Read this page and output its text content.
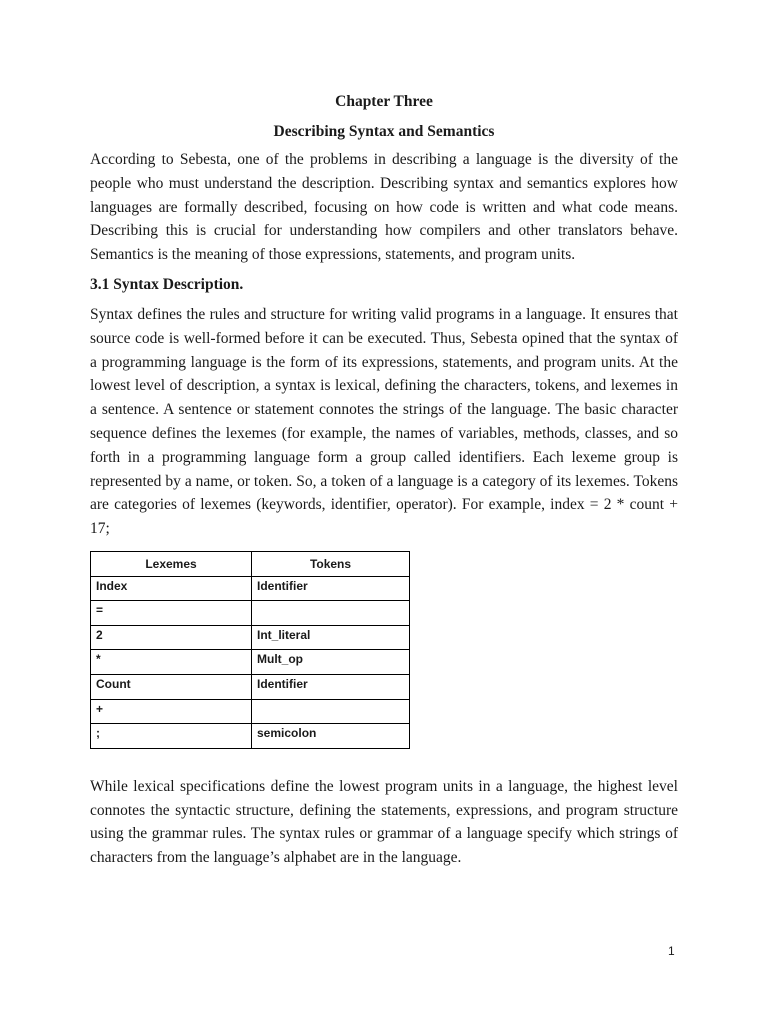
Chapter Three
Describing Syntax and Semantics

According to Sebesta, one of the problems in describing a language is the diversity of the people who must understand the description. Describing syntax and semantics explores how languages are formally described, focusing on how code is written and what code means. Describing this is crucial for understanding how compilers and other translators behave. Semantics is the meaning of those expressions, statements, and program units.

3.1 Syntax Description.

Syntax defines the rules and structure for writing valid programs in a language. It ensures that source code is well-formed before it can be executed. Thus, Sebesta opined that the syntax of a programming language is the form of its expressions, statements, and program units. At the lowest level of description, a syntax is lexical, defining the characters, tokens, and lexemes in a sentence. A sentence or statement connotes the strings of the language. The basic character sequence defines the lexemes (for example, the names of variables, methods, classes, and so forth in a programming language form a group called identifiers. Each lexeme group is represented by a name, or token. So, a token of a language is a category of its lexemes. Tokens are categories of lexemes (keywords, identifier, operator). For example, index = 2 * count + 17;

Lexemes	Tokens
Index	Identifier
=	
2	Int_literal
*	Mult_op
Count	Identifier
+	
;	semicolon

While lexical specifications define the lowest program units in a language, the highest level connotes the syntactic structure, defining the statements, expressions, and program structure using the grammar rules. The syntax rules or grammar of a language specify which strings of characters from the language’s alphabet are in the language.

1
